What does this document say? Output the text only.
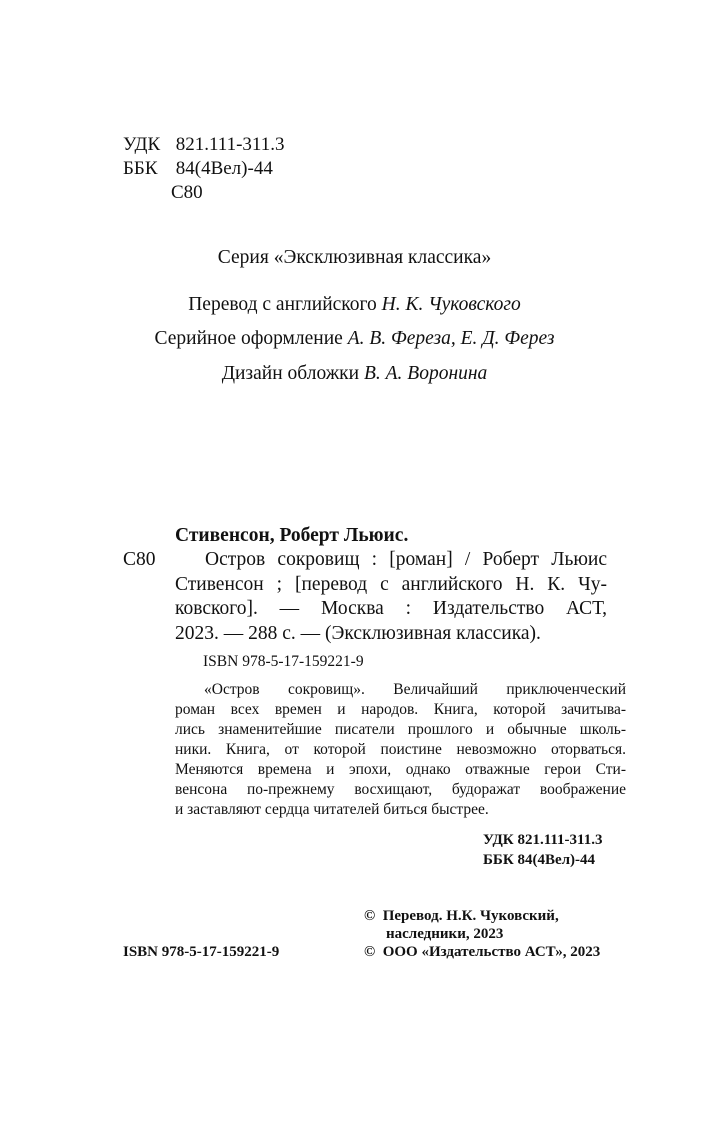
УДК 821.111-311.3
ББК 84(4Вел)-44
С80
Серия «Эксклюзивная классика»
Перевод с английского Н. К. Чуковского
Серийное оформление А. В. Фереза, Е. Д. Ферез
Дизайн обложки В. А. Воронина
Стивенсон, Роберт Льюис.
С80	Остров сокровищ : [роман] / Роберт Льюис
Стивенсон ; [перевод с английского Н. К. Чу-
ковского]. — Москва : Издательство АСТ,
2023. — 288 с. — (Эксклюзивная классика).
ISBN 978-5-17-159221-9
«Остров сокровищ». Величайший приключенческий
роман всех времен и народов. Книга, которой зачитыва-
лись знаменитейшие писатели прошлого и обычные школь-
ники. Книга, от которой поистине невозможно оторваться.
Меняются времена и эпохи, однако отважные герои Сти-
венсона по-прежнему восхищают, будоражат воображение
и заставляют сердца читателей биться быстрее.
УДК 821.111-311.3
ББК 84(4Вел)-44
ISBN 978-5-17-159221-9
© Перевод. Н.К. Чуковский,
наследники, 2023
© ООО «Издательство АСТ», 2023
